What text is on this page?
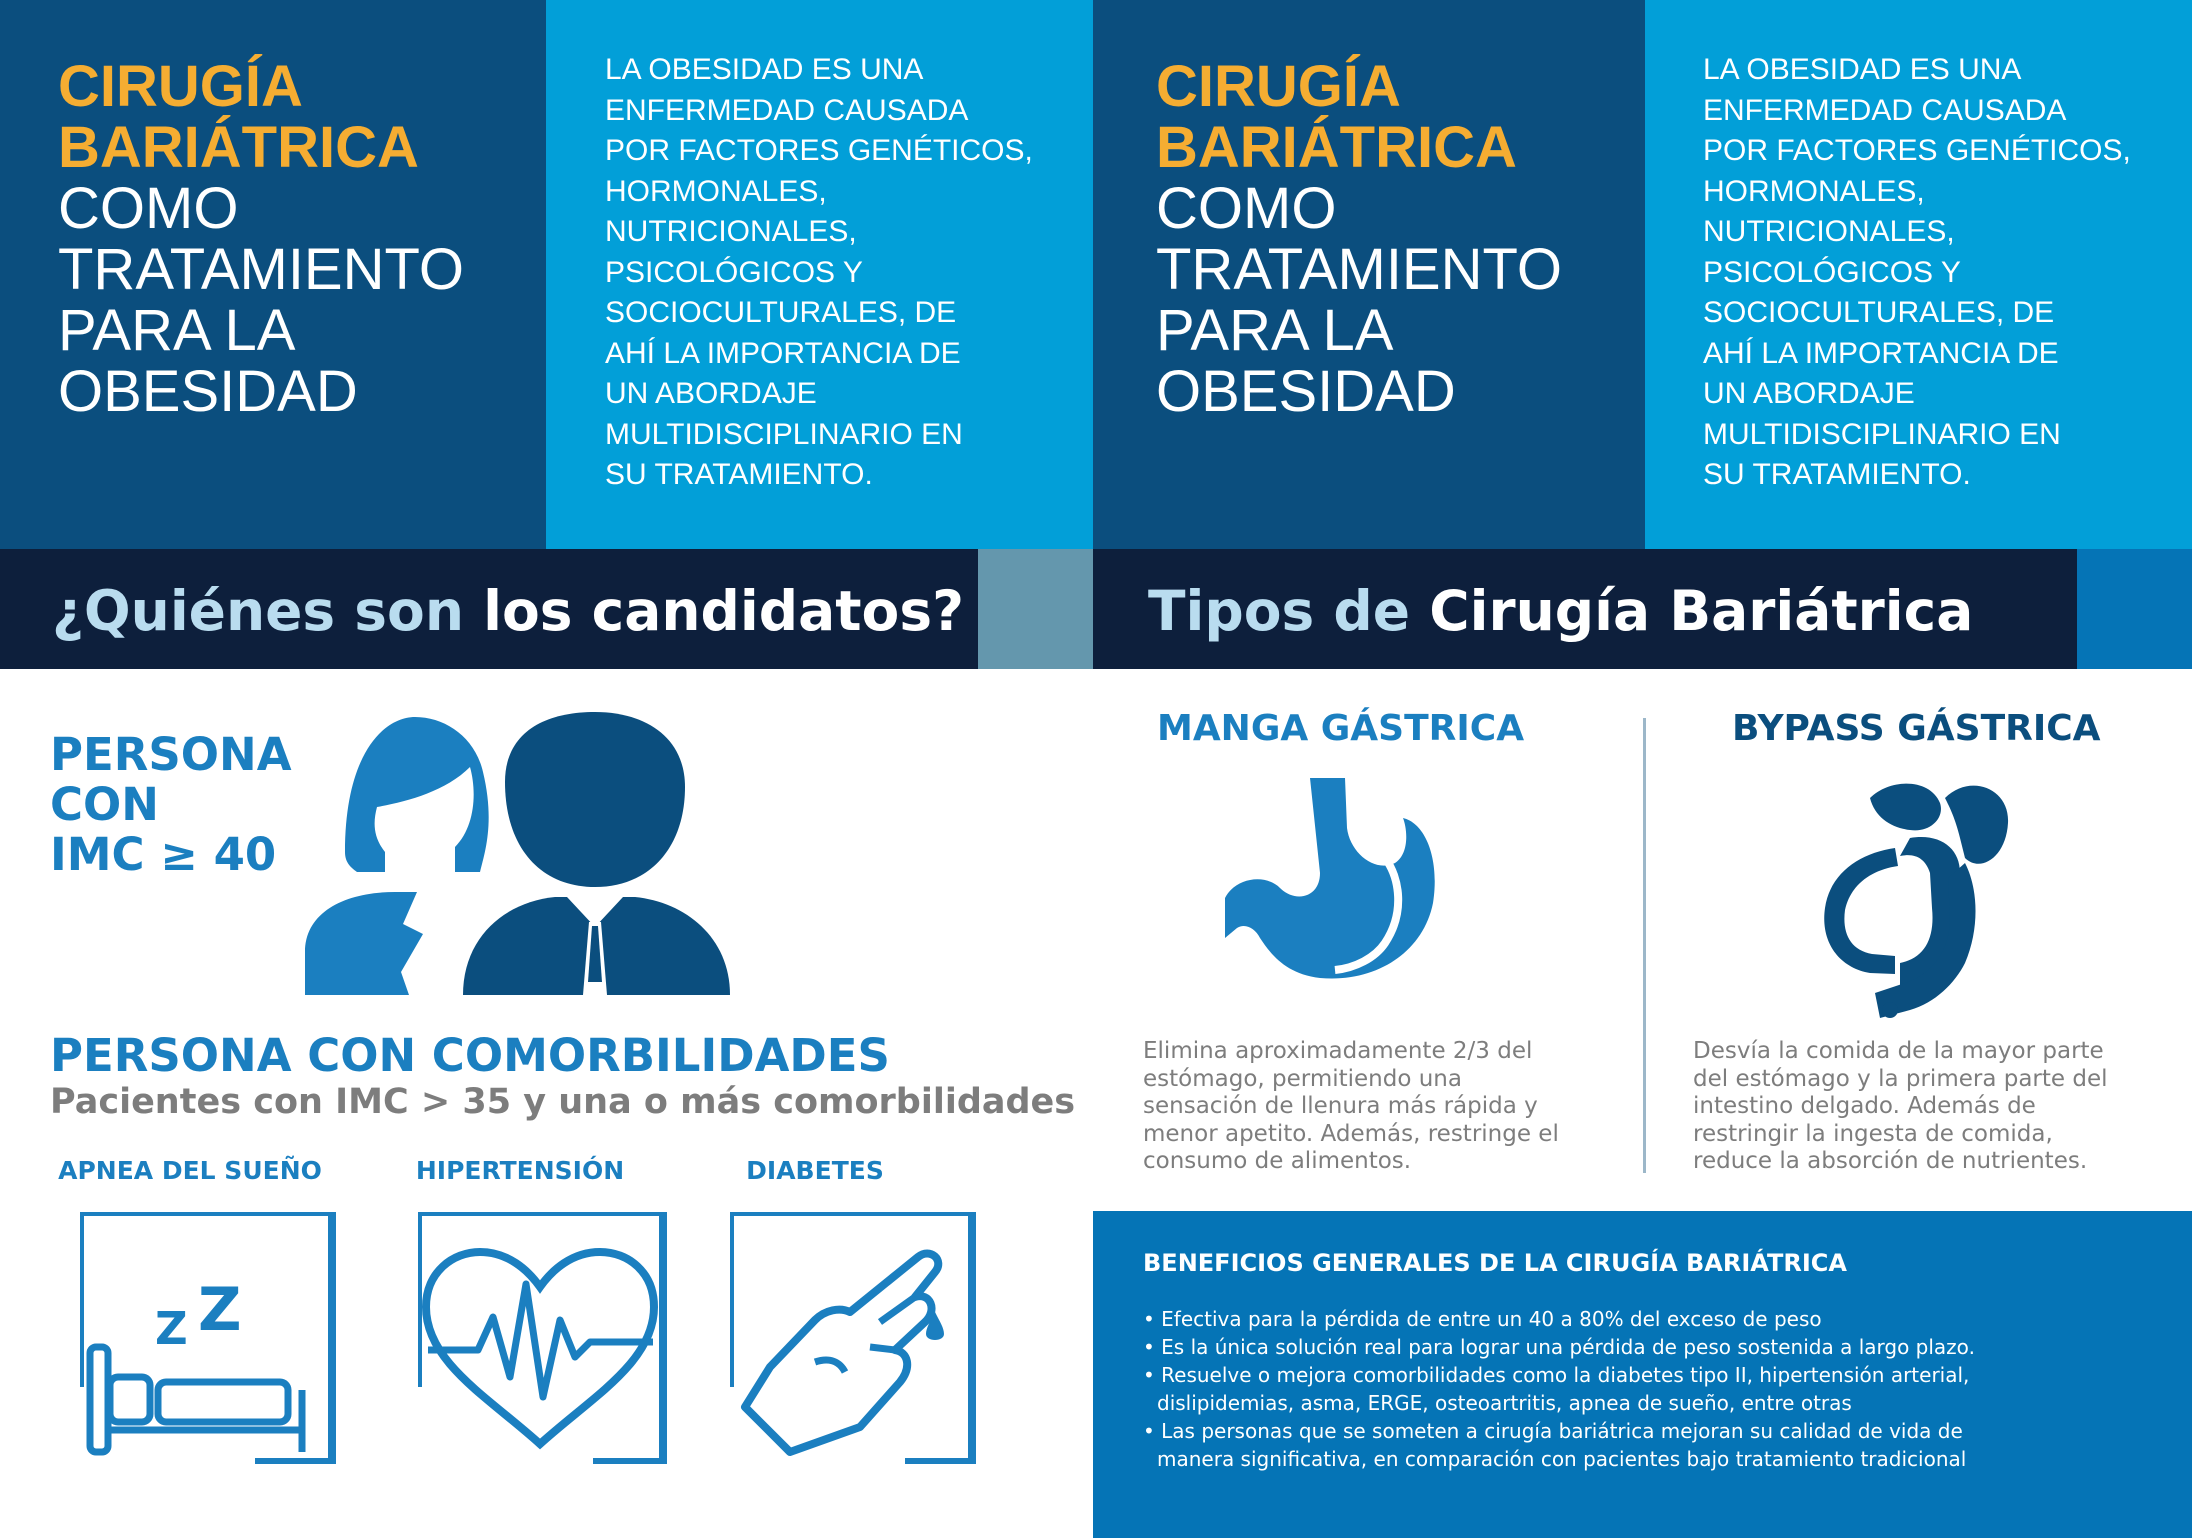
CIRUGÍA
BARIÁTRICA
COMO
TRATAMIENTO
PARA LA
OBESIDAD
LA OBESIDAD ES UNA
ENFERMEDAD CAUSADA
POR FACTORES GENÉTICOS,
HORMONALES,
NUTRICIONALES,
PSICOLÓGICOS Y
SOCIOCULTURALES, DE
AHÍ LA IMPORTANCIA DE
UN ABORDAJE
MULTIDISCIPLINARIO EN
SU TRATAMIENTO.
CIRUGÍA
BARIÁTRICA
COMO
TRATAMIENTO
PARA LA
OBESIDAD
LA OBESIDAD ES UNA
ENFERMEDAD CAUSADA
POR FACTORES GENÉTICOS,
HORMONALES,
NUTRICIONALES,
PSICOLÓGICOS Y
SOCIOCULTURALES, DE
AHÍ LA IMPORTANCIA DE
UN ABORDAJE
MULTIDISCIPLINARIO EN
SU TRATAMIENTO.
¿Quiénes son los candidatos?	Tipos de Cirugía Bariátrica
PERSONA
CON
IMC ≥ 40
PERSONA CON COMORBILIDADES
Pacientes con IMC > 35 y una o más comorbilidades
APNEA DEL SUEÑO	HIPERTENSIÓN	DIABETES
Z Z
MANGA GÁSTRICA	BYPASS GÁSTRICA
Elimina aproximadamente 2/3 del
estómago, permitiendo una
sensación de llenura más rápida y
menor apetito. Además, restringe el
consumo de alimentos.
Desvía la comida de la mayor parte
del estómago y la primera parte del
intestino delgado. Además de
restringir la ingesta de comida,
reduce la absorción de nutrientes.
BENEFICIOS GENERALES DE LA CIRUGÍA BARIÁTRICA
• Efectiva para la pérdida de entre un 40 a 80% del exceso de peso
• Es la única solución real para lograr una pérdida de peso sostenida a largo plazo.
• Resuelve o mejora comorbilidades como la diabetes tipo II, hipertensión arterial, dislipidemias, asma, ERGE, osteoartritis, apnea de sueño, entre otras
• Las personas que se someten a cirugía bariátrica mejoran su calidad de vida de manera significativa, en comparación con pacientes bajo tratamiento tradicional
